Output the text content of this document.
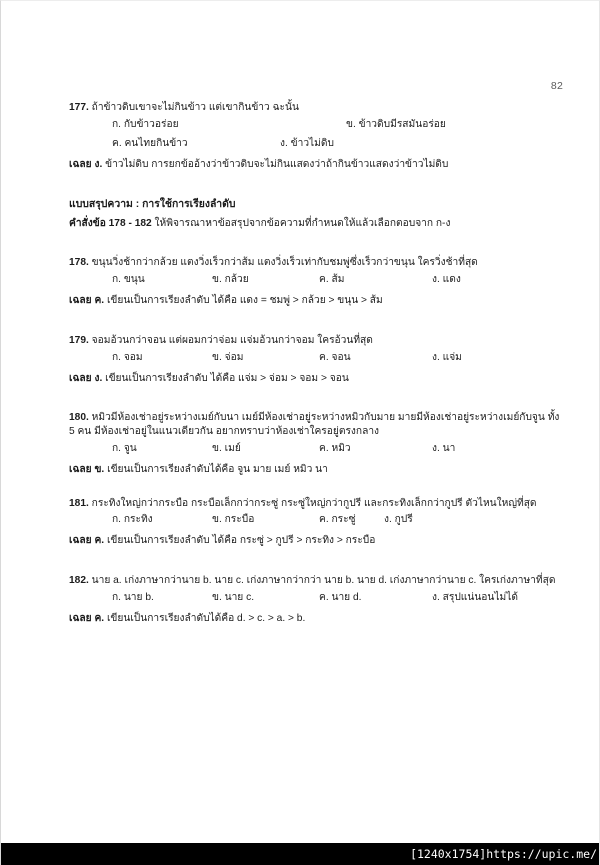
82
177. ถ้าข้าวดิบเขาจะไม่กินข้าว แต่เขากินข้าว ฉะนั้น
ก. กับข้าวอร่อย	ข. ข้าวดิบมีรสมันอร่อย
ค. คนไทยกินข้าว	ง. ข้าวไม่ดิบ
เฉลย ง. ข้าวไม่ดิบ การยกข้ออ้างว่าข้าวดิบจะไม่กินแสดงว่าถ้ากินข้าวแสดงว่าข้าวไม่ดิบ
แบบสรุปความ : การใช้การเรียงลำดับ
คำสั่งข้อ 178 - 182 ให้พิจารณาหาข้อสรุปจากข้อความที่กำหนดให้แล้วเลือกตอบจาก ก-ง
178. ขนุนวิ่งช้ากว่ากล้วย แตงวิ่งเร็วกว่าส้ม แตงวิ่งเร็วเท่ากับชมพู่ซึ่งเร็วกว่าขนุน ใครวิ่งช้าที่สุด
ก. ขนุน	ข. กล้วย	ค. ส้ม	ง. แดง
เฉลย ค. เขียนเป็นการเรียงลำดับ ได้คือ แดง = ชมพู่ > กล้วย > ขนุน > ส้ม
179. จอมอ้วนกว่าจอน แต่ผอมกว่าจ่อม แจ่มอ้วนกว่าจอม ใครอ้วนที่สุด
ก. จอม	ข. จ่อม	ค. จอน	ง. แจ่ม
เฉลย ง. เขียนเป็นการเรียงลำดับ ได้คือ แจ่ม > จ่อม > จอม > จอน
180. หมิวมีห้องเช่าอยู่ระหว่างเมย์กับนา เมย์มีห้องเช่าอยู่ระหว่างหมิวกับมาย มายมีห้องเช่าอยู่ระหว่างเมย์กับจูน ทั้ง
5 คน มีห้องเช่าอยู่ในแนวเดียวกัน อยากทราบว่าห้องเช่าใครอยู่ตรงกลาง
ก. จูน	ข. เมย์	ค. หมิว	ง. นา
เฉลย ข. เขียนเป็นการเรียงลำดับได้คือ จูน มาย เมย์ หมิว นา
181. กระทิงใหญ่กว่ากระบือ กระบือเล็กกว่ากระซู่ กระซู่ใหญ่กว่ากูปรี และกระทิงเล็กกว่ากูปรี ตัวไหนใหญ่ที่สุด
ก. กระทิง	ข. กระบือ	ค. กระซู่	ง. กูปรี
เฉลย ค. เขียนเป็นการเรียงลำดับ ได้คือ กระซู่ > กูปรี > กระทิง > กระบือ
182. นาย a. เก่งภาษากว่านาย b. นาย c. เก่งภาษากว่ากว่า นาย b. นาย d. เก่งภาษากว่านาย c. ใครเก่งภาษาที่สุด
ก. นาย b.	ข. นาย c.	ค. นาย d.	ง. สรุปแน่นอนไม่ได้
เฉลย ค. เขียนเป็นการเรียงลำดับได้คือ d. > c. > a. > b.
[1240x1754]https://upic.me/
